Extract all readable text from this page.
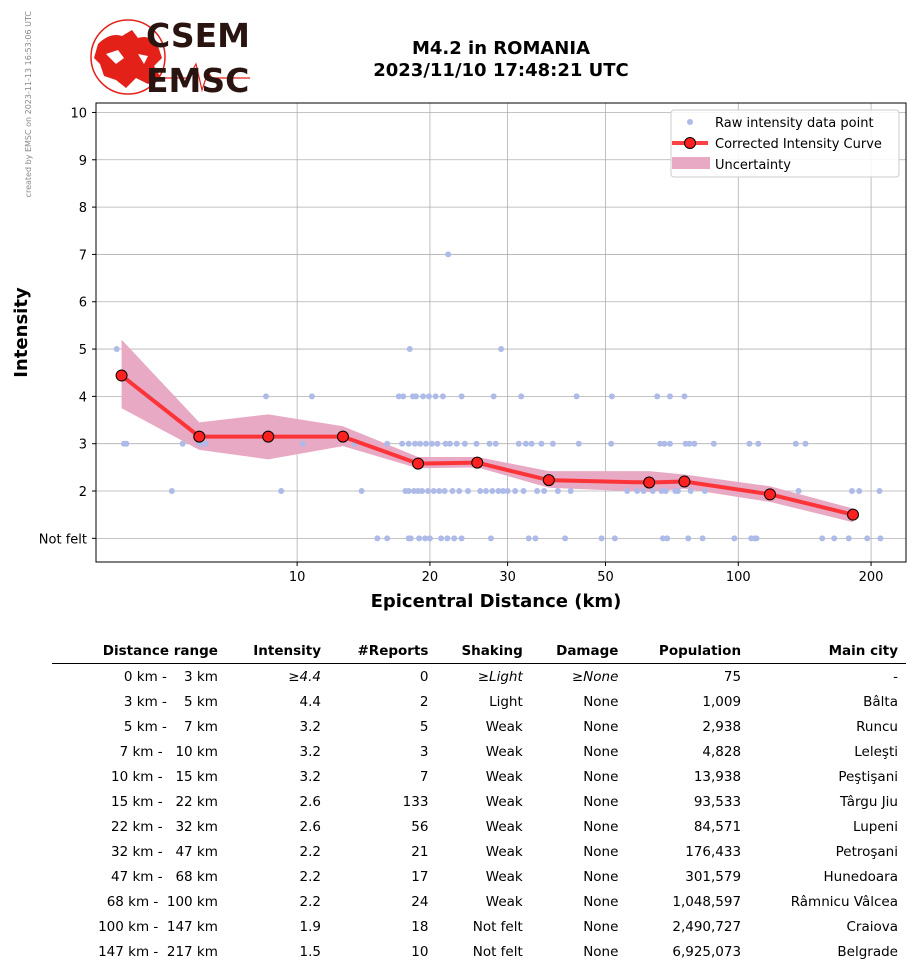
created by EMSC on 2023-11-13 16:53:06 UTC	CSEM
EMSC
M4.2 in ROMANIA
2023/11/10 17:48:21 UTC
10	20	30	50	100	200
Not felt
2
3
4
5
6
7
8
9
10
Epicentral Distance (km)
Intensity
Raw intensity data point
Corrected Intensity Curve
Uncertainty
Distance range	Intensity	#Reports	Shaking	Damage	Population	Main city
0 km -    3 km	≥4.4	0	≥Light	≥None	75	-
3 km -    5 km	4.4	2	Light	None	1,009	Bâlta
5 km -    7 km	3.2	5	Weak	None	2,938	Runcu
7 km -   10 km	3.2	3	Weak	None	4,828	Leleşti
10 km -   15 km	3.2	7	Weak	None	13,938	Peştişani
15 km -   22 km	2.6	133	Weak	None	93,533	Târgu Jiu
22 km -   32 km	2.6	56	Weak	None	84,571	Lupeni
32 km -   47 km	2.2	21	Weak	None	176,433	Petroşani
47 km -   68 km	2.2	17	Weak	None	301,579	Hunedoara
68 km -  100 km	2.2	24	Weak	None	1,048,597	Râmnicu Vâlcea
100 km -  147 km	1.9	18	Not felt	None	2,490,727	Craiova
147 km -  217 km	1.5	10	Not felt	None	6,925,073	Belgrade
